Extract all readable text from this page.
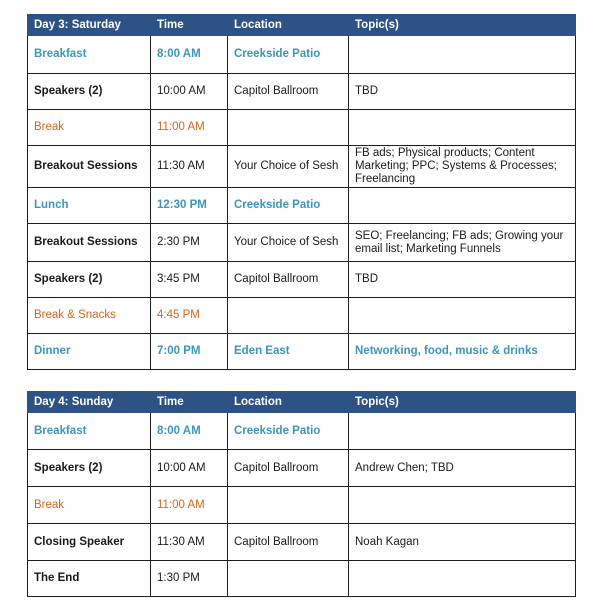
Day 3: Saturday	Time	Location	Topic(s)
Breakfast	8:00 AM	Creekside Patio	
Speakers (2)	10:00 AM	Capitol Ballroom	TBD
Break	11:00 AM		
Breakout Sessions	11:30 AM	Your Choice of Sesh	FB ads; Physical products; Content Marketing; PPC; Systems & Processes; Freelancing
Lunch	12:30 PM	Creekside Patio	
Breakout Sessions	2:30 PM	Your Choice of Sesh	SEO; Freelancing; FB ads; Growing your email list; Marketing Funnels
Speakers (2)	3:45 PM	Capitol Ballroom	TBD
Break & Snacks	4:45 PM		
Dinner	7:00 PM	Eden East	Networking, food, music & drinks
Day 4: Sunday	Time	Location	Topic(s)
Breakfast	8:00 AM	Creekside Patio	
Speakers (2)	10:00 AM	Capitol Ballroom	Andrew Chen; TBD
Break	11:00 AM		
Closing Speaker	11:30 AM	Capitol Ballroom	Noah Kagan
The End	1:30 PM		
